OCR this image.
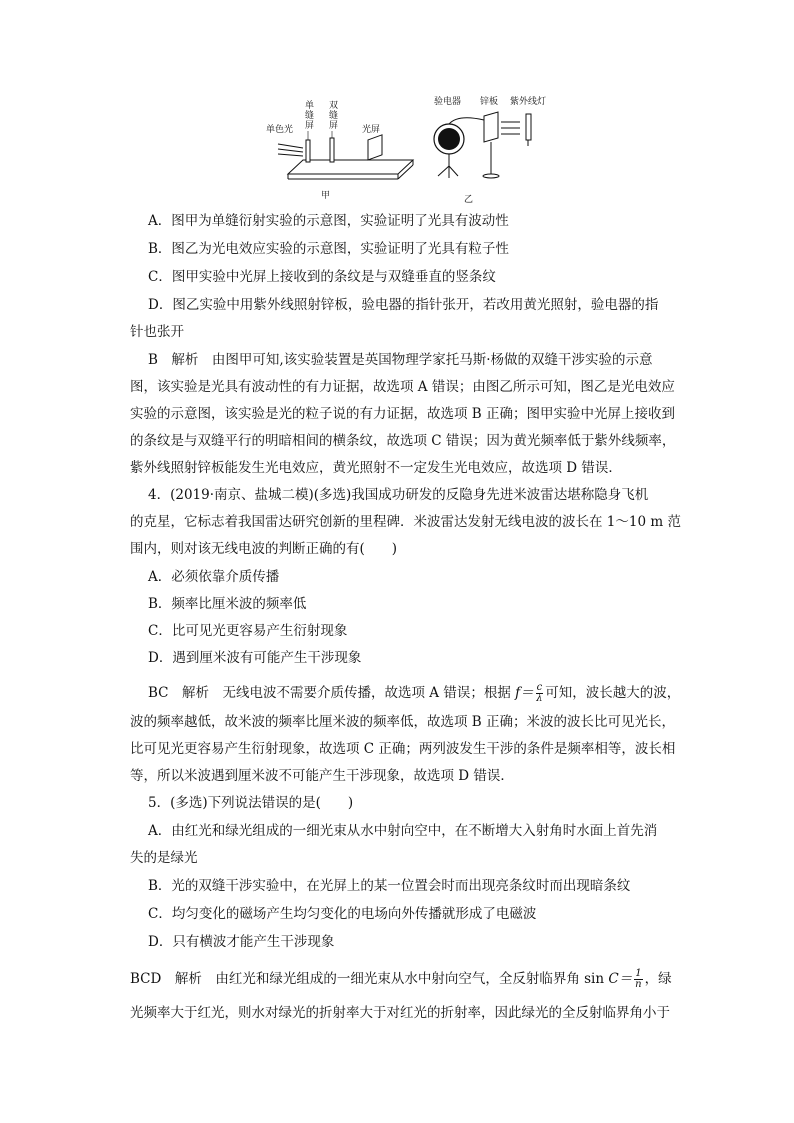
单色光
单
缝
屏
双
缝
屏	光屏
甲
验电器 锌板 紫外线灯
乙
A．图甲为单缝衍射实验的示意图，实验证明了光具有波动性
B．图乙为光电效应实验的示意图，实验证明了光具有粒子性
C．图甲实验中光屏上接收到的条纹是与双缝垂直的竖条纹
D．图乙实验中用紫外线照射锌板，验电器的指针张开，若改用黄光照射，验电器的指
针也张开
B　解析　由图甲可知,该实验装置是英国物理学家托马斯·杨做的双缝干涉实验的示意
图，该实验是光具有波动性的有力证据，故选项 A 错误；由图乙所示可知，图乙是光电效应
实验的示意图，该实验是光的粒子说的有力证据，故选项 B 正确；图甲实验中光屏上接收到
的条纹是与双缝平行的明暗相间的横条纹，故选项 C 错误；因为黄光频率低于紫外线频率，
紫外线照射锌板能发生光电效应，黄光照射不一定发生光电效应，故选项 D 错误．
4．(2019·南京、盐城二模)(多选)我国成功研发的反隐身先进米波雷达堪称隐身飞机
的克星，它标志着我国雷达研究创新的里程碑．米波雷达发射无线电波的波长在 1～10 m 范
围内，则对该无线电波的判断正确的有(　　)
A．必须依靠介质传播
B．频率比厘米波的频率低
C．比可见光更容易产生衍射现象
D．遇到厘米波有可能产生干涉现象
BC　解析　无线电波不需要介质传播，故选项 A 错误；根据 $f= \frac{c}{\lambda}$ 可知，波长越大的波，
波的频率越低，故米波的频率比厘米波的频率低，故选项 B 正确；米波的波长比可见光长，
比可见光更容易产生衍射现象，故选项 C 正确；两列波发生干涉的条件是频率相等，波长相
等，所以米波遇到厘米波不可能产生干涉现象，故选项 D 错误．
5．(多选)下列说法错误的是(　　)
A．由红光和绿光组成的一细光束从水中射向空中，在不断增大入射角时水面上首先消
失的是绿光
B．光的双缝干涉实验中，在光屏上的某一位置会时而出现亮条纹时而出现暗条纹
C．均匀变化的磁场产生均匀变化的电场向外传播就形成了电磁波
D．只有横波才能产生干涉现象
BCD　解析　由红光和绿光组成的一细光束从水中射向空气，全反射临界角 $\sin C= \frac{1}{n}$ ，绿
光频率大于红光，则水对绿光的折射率大于对红光的折射率，因此绿光的全反射临界角小于
